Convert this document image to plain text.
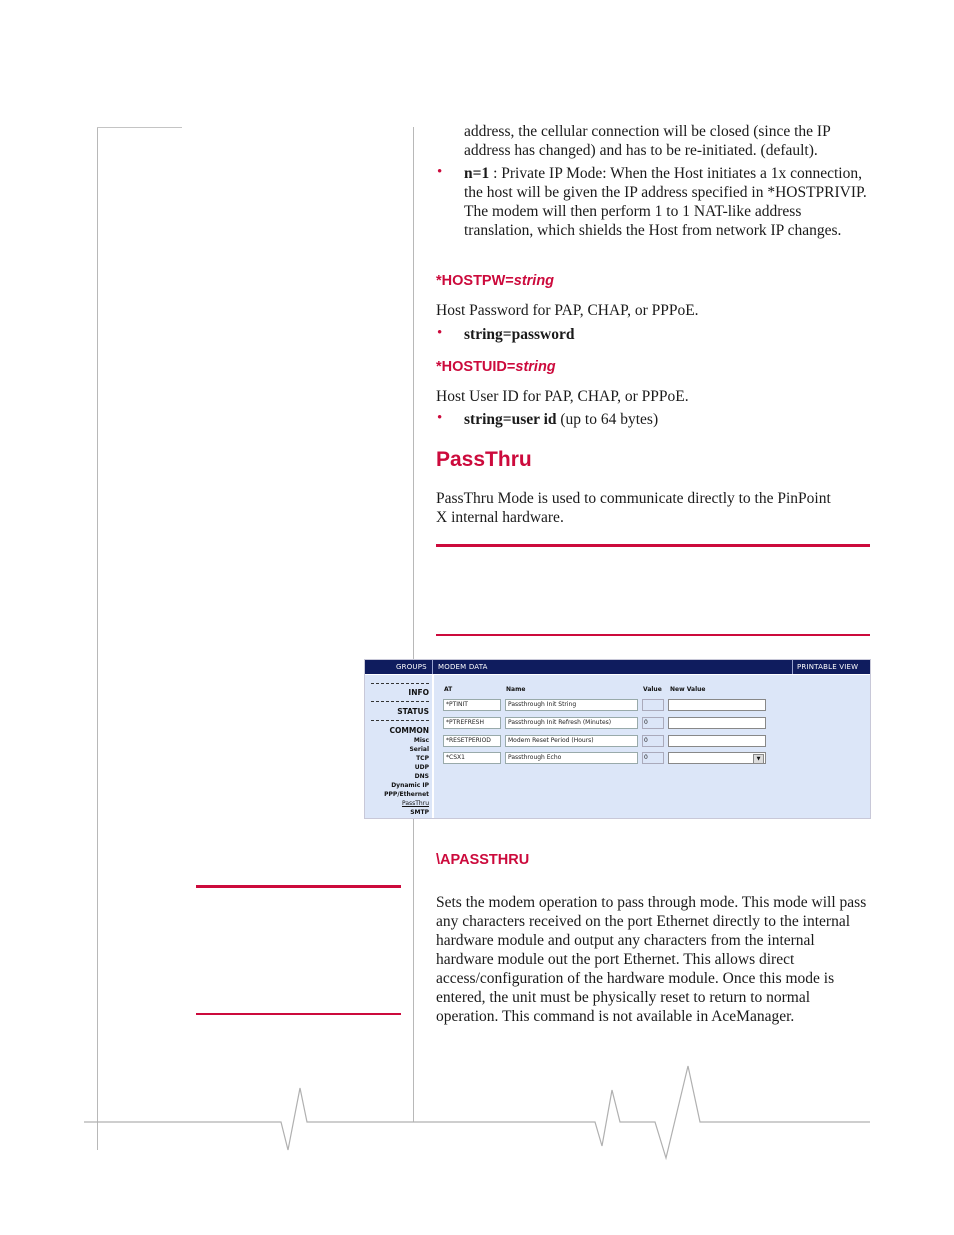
address, the cellular connection will be closed (since the IP address has changed) and has to be re-initiated. (default).
• n=1 : Private IP Mode: When the Host initiates a 1x connection, the host will be given the IP address specified in *HOSTPRIVIP. The modem will then perform 1 to 1 NAT-like address translation, which shields the Host from network IP changes.
*HOSTPW=string
Host Password for PAP, CHAP, or PPPoE.
• string=password
*HOSTUID=string
Host User ID for PAP, CHAP, or PPPoE.
• string=user id (up to 64 bytes)
PassThru
PassThru Mode is used to communicate directly to the PinPoint X internal hardware.
GROUPS MODEM DATA	PRINTABLE VIEW
INFO
STATUS
COMMON
Misc
Serial
TCP
UDP
DNS
Dynamic IP
PPP/Ethernet
PassThru
SMTP
AT	Name	Value New Value
*PTINIT	Passthrough Init String
*PTREFRESH	Passthrough Init Refresh (Minutes)	0
*RESETPERIOD	Modem Reset Period (Hours)	0
*CSX1	Passthrough Echo	0	▼
\APASSTHRU
Sets the modem operation to pass through mode. This mode will pass any characters received on the port Ethernet directly to the internal hardware module and output any characters from the internal hardware module out the port Ethernet. This allows direct access/configuration of the hardware module. Once this mode is entered, the unit must be physically reset to return to normal operation. This command is not available in AceManager.
